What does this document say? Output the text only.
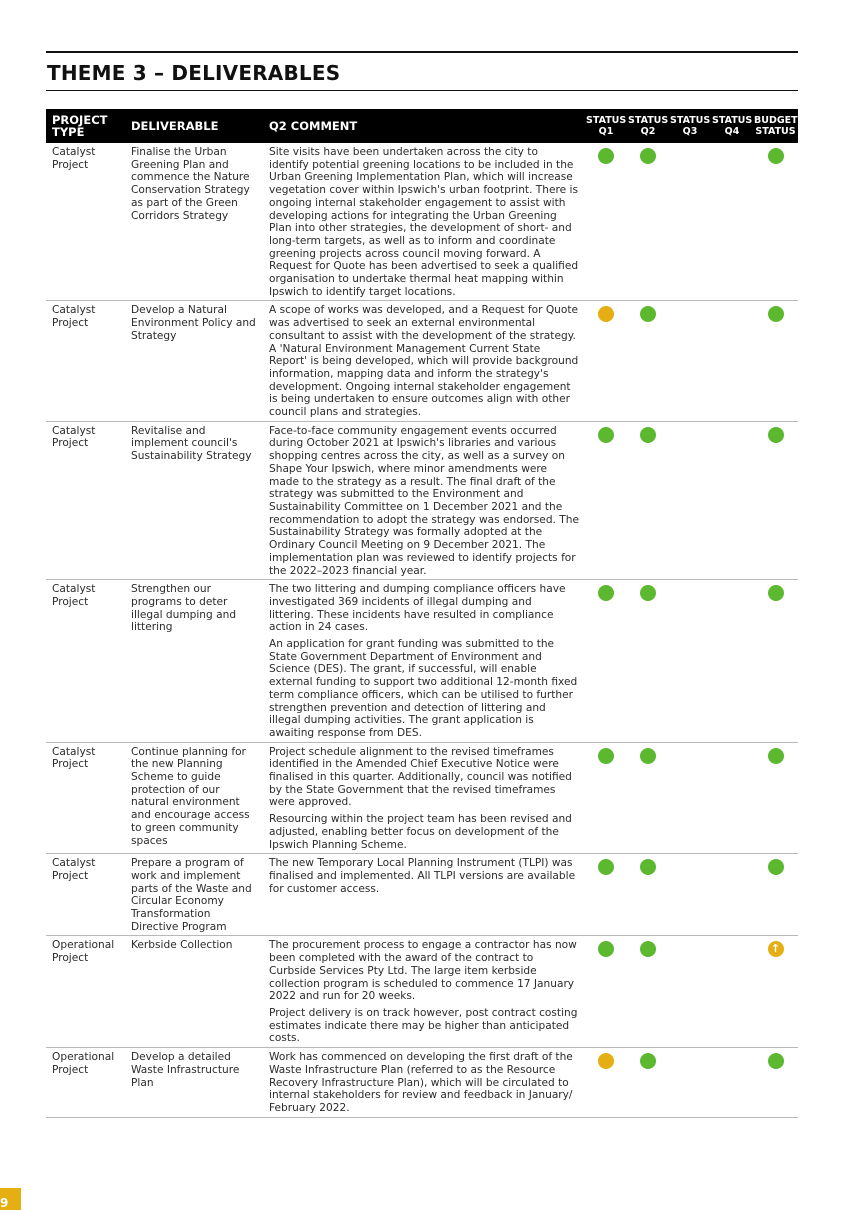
THEME 3 – DELIVERABLES
PROJECT TYPE	DELIVERABLE	Q2 COMMENT	STATUS Q1	STATUS Q2	STATUS Q3	STATUS Q4	BUDGET STATUS
Catalyst Project	Finalise the Urban Greening Plan and commence the Nature Conservation Strategy as part of the Green Corridors Strategy	Site visits have been undertaken across the city to identify potential greening locations to be included in the Urban Greening Implementation Plan, which will increase vegetation cover within Ipswich's urban footprint. There is ongoing internal stakeholder engagement to assist with developing actions for integrating the Urban Greening Plan into other strategies, the development of short- and long-term targets, as well as to inform and coordinate greening projects across council moving forward. A Request for Quote has been advertised to seek a qualified organisation to undertake thermal heat mapping within Ipswich to identify target locations.					

Catalyst Project	Develop a Natural Environment Policy and Strategy	A scope of works was developed, and a Request for Quote was advertised to seek an external environmental consultant to assist with the development of the strategy. A 'Natural Environment Management Current State Report' is being developed, which will provide background information, mapping data and inform the strategy's development. Ongoing internal stakeholder engagement is being undertaken to ensure outcomes align with other council plans and strategies.					

Catalyst Project	Revitalise and implement council's Sustainability Strategy	Face-to-face community engagement events occurred during October 2021 at Ipswich's libraries and various shopping centres across the city, as well as a survey on Shape Your Ipswich, where minor amendments were made to the strategy as a result. The final draft of the strategy was submitted to the Environment and Sustainability Committee on 1 December 2021 and the recommendation to adopt the strategy was endorsed. The Sustainability Strategy was formally adopted at the Ordinary Council Meeting on 9 December 2021. The implementation plan was reviewed to identify projects for the 2022–2023 financial year.					

Catalyst Project	Strengthen our programs to deter illegal dumping and littering	The two littering and dumping compliance officers have investigated 369 incidents of illegal dumping and littering. These incidents have resulted in compliance action in 24 cases.

An application for grant funding was submitted to the State Government Department of Environment and Science (DES). The grant, if successful, will enable external funding to support two additional 12-month fixed term compliance officers, which can be utilised to further strengthen prevention and detection of littering and illegal dumping activities. The grant application is awaiting response from DES.					

Catalyst Project	Continue planning for the new Planning Scheme to guide protection of our natural environment and encourage access to green community spaces	Project schedule alignment to the revised timeframes identified in the Amended Chief Executive Notice were finalised in this quarter. Additionally, council was notified by the State Government that the revised timeframes were approved.

Resourcing within the project team has been revised and adjusted, enabling better focus on development of the Ipswich Planning Scheme.					

Catalyst Project	Prepare a program of work and implement parts of the Waste and Circular Economy Transformation Directive Program	The new Temporary Local Planning Instrument (TLPI) was finalised and implemented. All TLPI versions are available for customer access.					

Operational Project	Kerbside Collection	The procurement process to engage a contractor has now been completed with the award of the contract to Curbside Services Pty Ltd. The large item kerbside collection program is scheduled to commence 17 January 2022 and run for 20 weeks.

Project delivery is on track however, post contract costing estimates indicate there may be higher than anticipated costs.					↑
Operational Project	Develop a detailed Waste Infrastructure Plan	Work has commenced on developing the first draft of the Waste Infrastructure Plan (referred to as the Resource Recovery Infrastructure Plan), which will be circulated to internal stakeholders for review and feedback in January/ February 2022.					

9
